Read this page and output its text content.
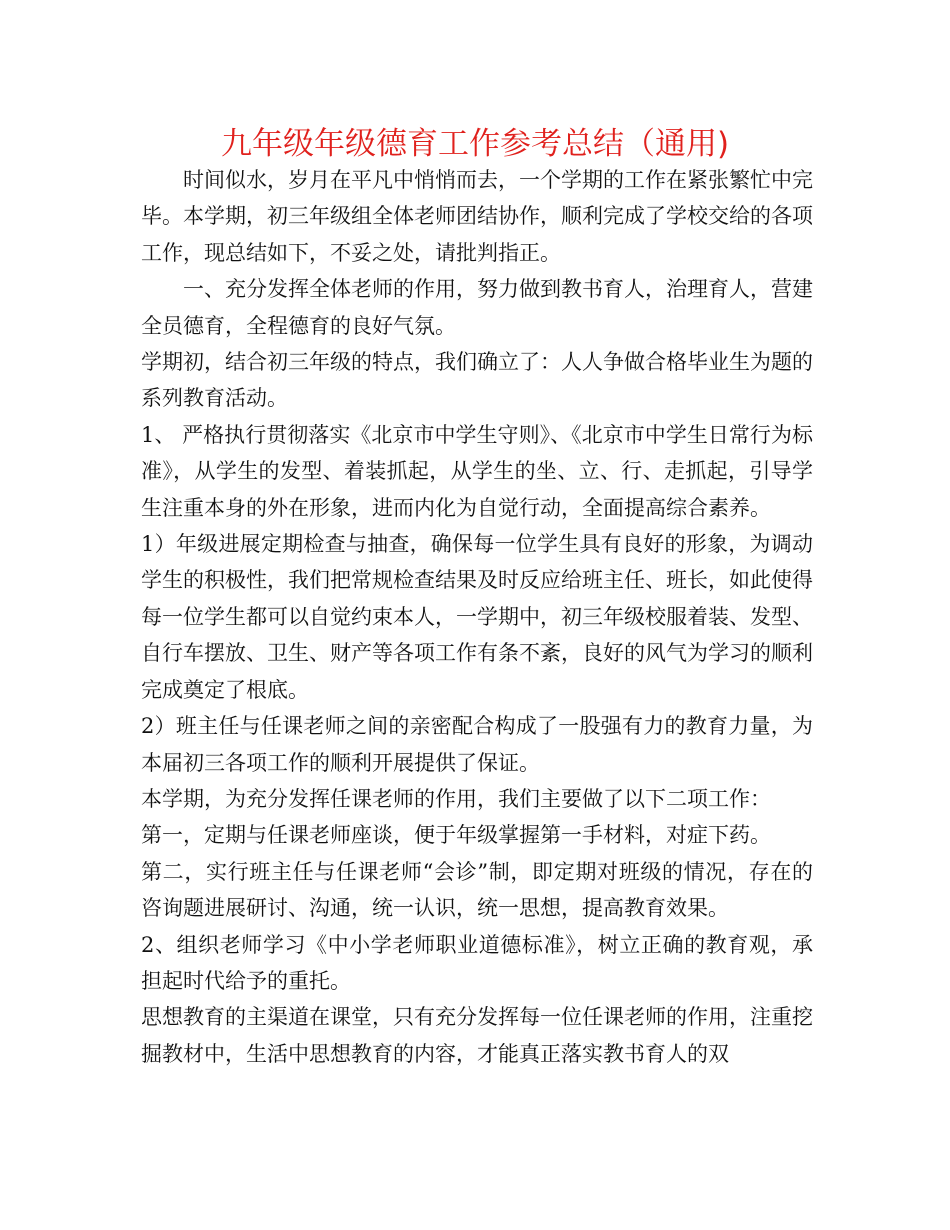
九年级年级德育工作参考总结（通用)

时间似水，岁月在平凡中悄悄而去，一个学期的工作在紧张繁忙中完毕。本学期，初三年级组全体老师团结协作，顺利完成了学校交给的各项工作，现总结如下，不妥之处，请批判指正。

一、充分发挥全体老师的作用，努力做到教书育人，治理育人，营建全员德育，全程德育的良好气氛。

学期初，结合初三年级的特点，我们确立了：人人争做合格毕业生为题的系列教育活动。

1、 严格执行贯彻落实《北京市中学生守则》、《北京市中学生日常行为标准》，从学生的发型、着装抓起，从学生的坐、立、行、走抓起，引导学生注重本身的外在形象，进而内化为自觉行动，全面提高综合素养。

1）年级进展定期检查与抽查，确保每一位学生具有良好的形象，为调动学生的积极性，我们把常规检查结果及时反应给班主任、班长，如此使得每一位学生都可以自觉约束本人，一学期中，初三年级校服着装、发型、自行车摆放、卫生、财产等各项工作有条不紊，良好的风气为学习的顺利完成奠定了根底。

2）班主任与任课老师之间的亲密配合构成了一股强有力的教育力量，为本届初三各项工作的顺利开展提供了保证。

本学期，为充分发挥任课老师的作用，我们主要做了以下二项工作：

第一，定期与任课老师座谈，便于年级掌握第一手材料，对症下药。

第二，实行班主任与任课老师“会诊”制，即定期对班级的情况，存在的咨询题进展研讨、沟通，统一认识，统一思想，提高教育效果。

2、组织老师学习《中小学老师职业道德标准》，树立正确的教育观，承担起时代给予的重托。

思想教育的主渠道在课堂，只有充分发挥每一位任课老师的作用，注重挖掘教材中，生活中思想教育的内容，才能真正落实教书育人的双
